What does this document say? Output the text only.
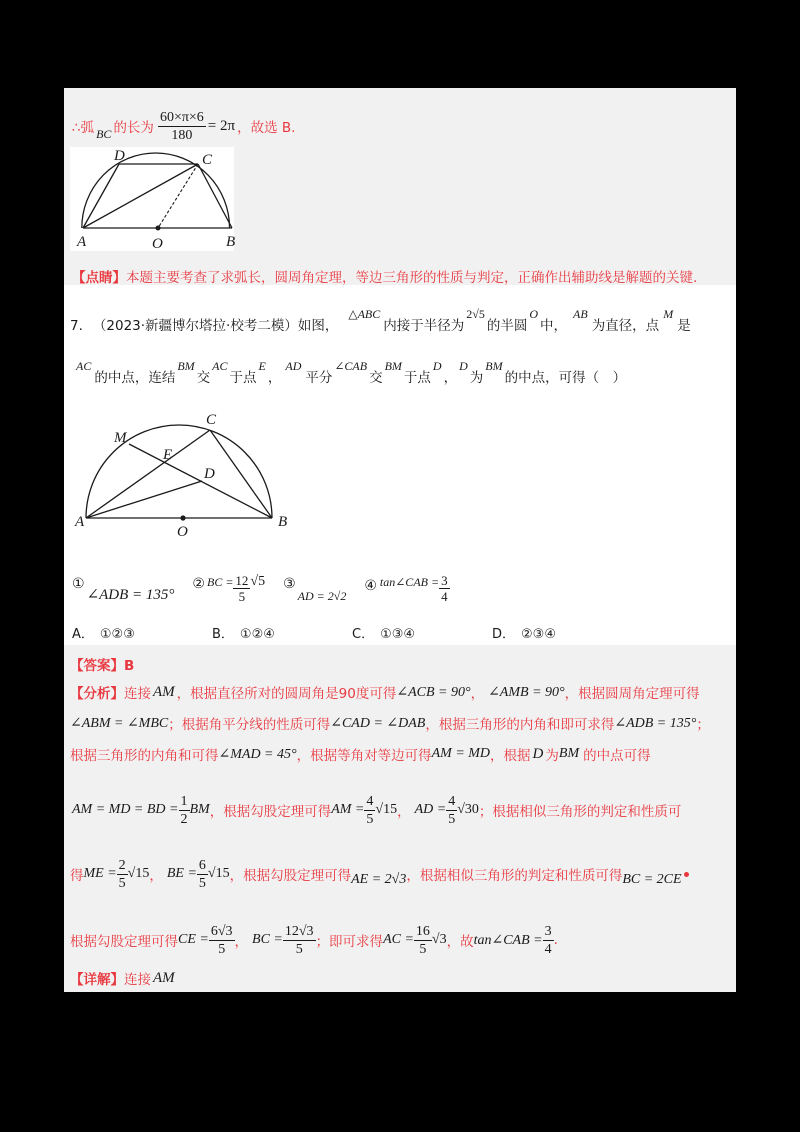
∴弧 BC 的长为 $\frac{60\times\pi\times 6}{180} = 2\pi$ ，故选 B.
D	C
A	O	B
【点睛】本题主要考查了求弧长，圆周角定理，等边三角形的性质与判定，正确作出辅助线是解题的关键.
7. （2023·新疆博尔塔拉·校考二模）如图，
△ABC
内接于半径为
2√5
的半圆
O
中，
AB
为直径，点
M
是
AC
的中点，连结
BM
交
AC
于点
E
，
AD
平分
∠CAB
交
BM
于点
D
，
D
为
BM
的中点，可得（　）
C
M
E
D
A
O
B
①
∠ADB = 135°
② BC = $\frac{12}{5} √5$ ③
AD = 2√2
④ tan∠CAB = $\frac{3}{4}$
A． ①②③	B． ①②④	C． ①③④	D． ②③④
【答案】B
【分析】 连接 AM ，根据直径所对的圆周角是90度可得 ∠ACB = 90° ， ∠AMB = 90° ，根据圆周角定理可得
∠ABM = ∠MBC ；根据角平分线的性质可得 ∠CAD = ∠DAB ，根据三角形的内角和即可求得 ∠ADB = 135° ；
根据三角形的内角和可得 ∠MAD = 45° ，根据等角对等边可得 AM = MD ，根据 D 为 BM 的中点可得
AM = MD = BD = $\frac{1}{2}$ BM ，根据勾股定理可得 AM = $\frac{4}{5} √15$ ， AD = $\frac{4}{5} √30$ ；根据相似三角形的判定和性质可
得 ME = $\frac{2}{5} √15$ ， BE = $\frac{6}{5} √15$ ，根据勾股定理可得 AE = 2√3 ，根据相似三角形的判定和性质可得 BC = 2CE
根据勾股定理可得 CE = $\frac{6√3}{5}$ ， BC = $\frac{12√3}{5}$ ；即可求得 AC = $\frac{16}{5} √3$ ，故 tan∠CAB = $\frac{3}{4}$ .
【详解】 连接 AM
